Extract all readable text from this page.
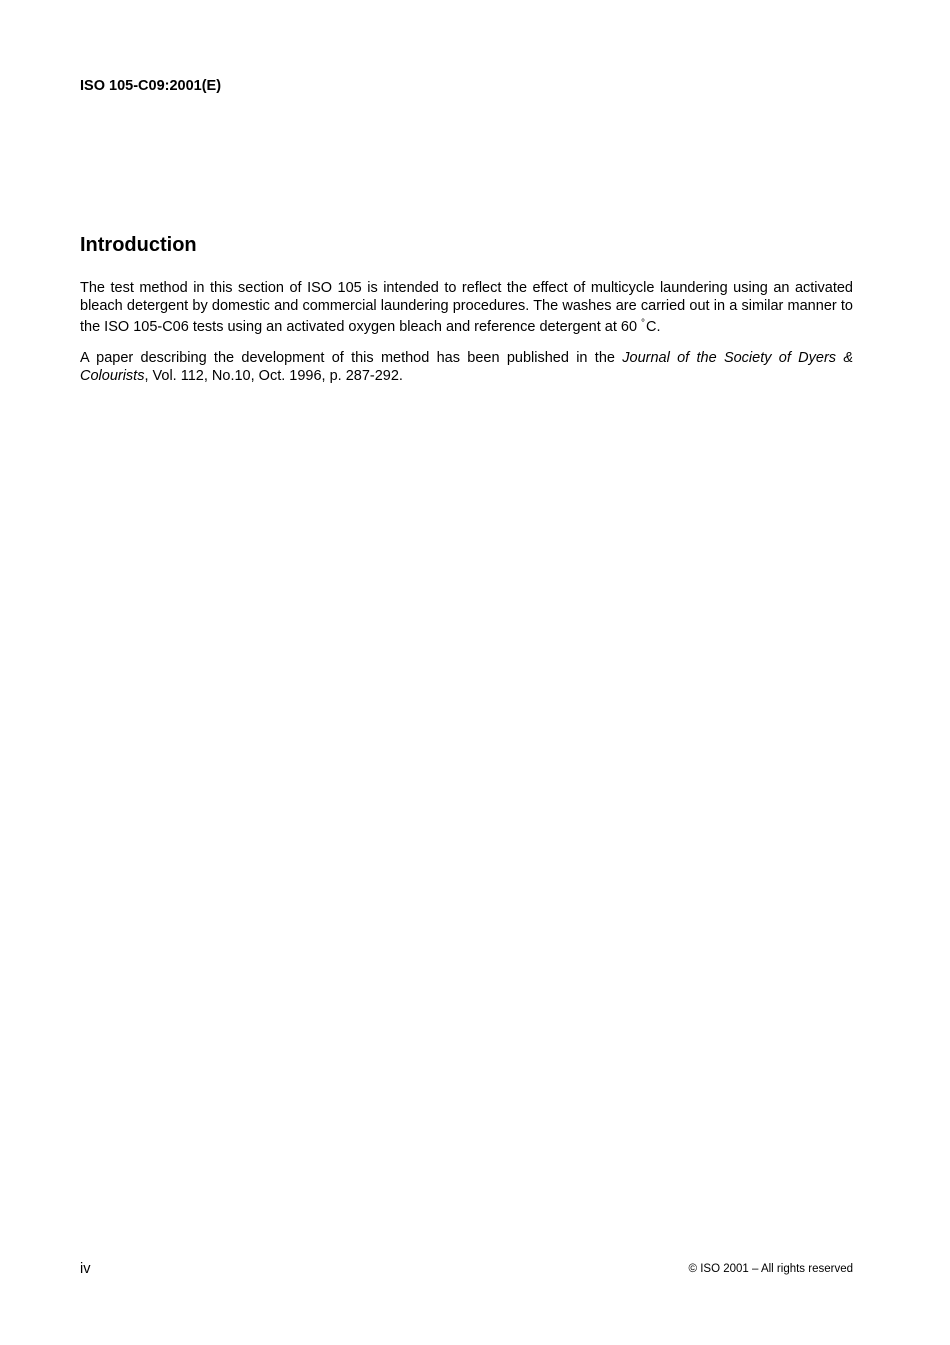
ISO 105-C09:2001(E)
Introduction

The test method in this section of ISO 105 is intended to reflect the effect of multicycle laundering using an activated bleach detergent by domestic and commercial laundering procedures. The washes are carried out in a similar manner to the ISO 105-C06 tests using an activated oxygen bleach and reference detergent at 60 °C.

A paper describing the development of this method has been published in the Journal of the Society of Dyers & Colourists, Vol. 112, No.10, Oct. 1996, p. 287-292.

iv	© ISO 2001 – All rights reserved
